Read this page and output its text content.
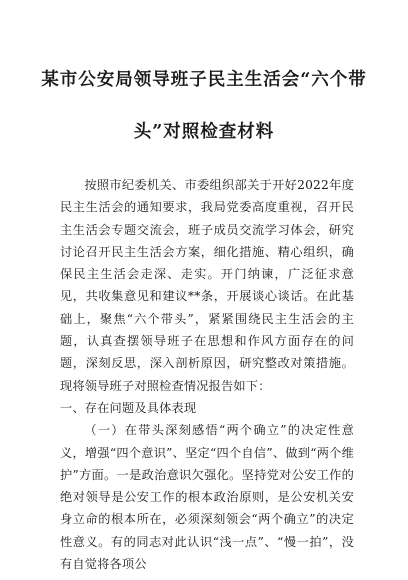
某市公安局领导班子民主生活会“六个带
头”对照检查材料

按照市纪委机关、市委组织部关于开好2022年度民主生活会的通知要求，我局党委高度重视，召开民主生活会专题交流会，班子成员交流学习体会，研究讨论召开民主生活会方案，细化措施、精心组织，确保民主生活会走深、走实。开门纳谏，广泛征求意见，共收集意见和建议**条，开展谈心谈话。在此基础上，聚焦“六个带头”，紧紧围绕民主生活会的主题，认真查摆领导班子在思想和作风方面存在的问题，深刻反思，深入剖析原因，研究整改对策措施。现将领导班子对照检查情况报告如下：

一、存在问题及具体表现

（一）在带头深刻感悟“两个确立”的决定性意义，增强“四个意识”、坚定“四个自信”、做到“两个维护”方面。一是政治意识欠强化。坚持党对公安工作的绝对领导是公安工作的根本政治原则，是公安机关安身立命的根本所在，必须深刻领会“两个确立”的决定性意义。有的同志对此认识“浅一点”、“慢一拍”，没有自觉将各项公
